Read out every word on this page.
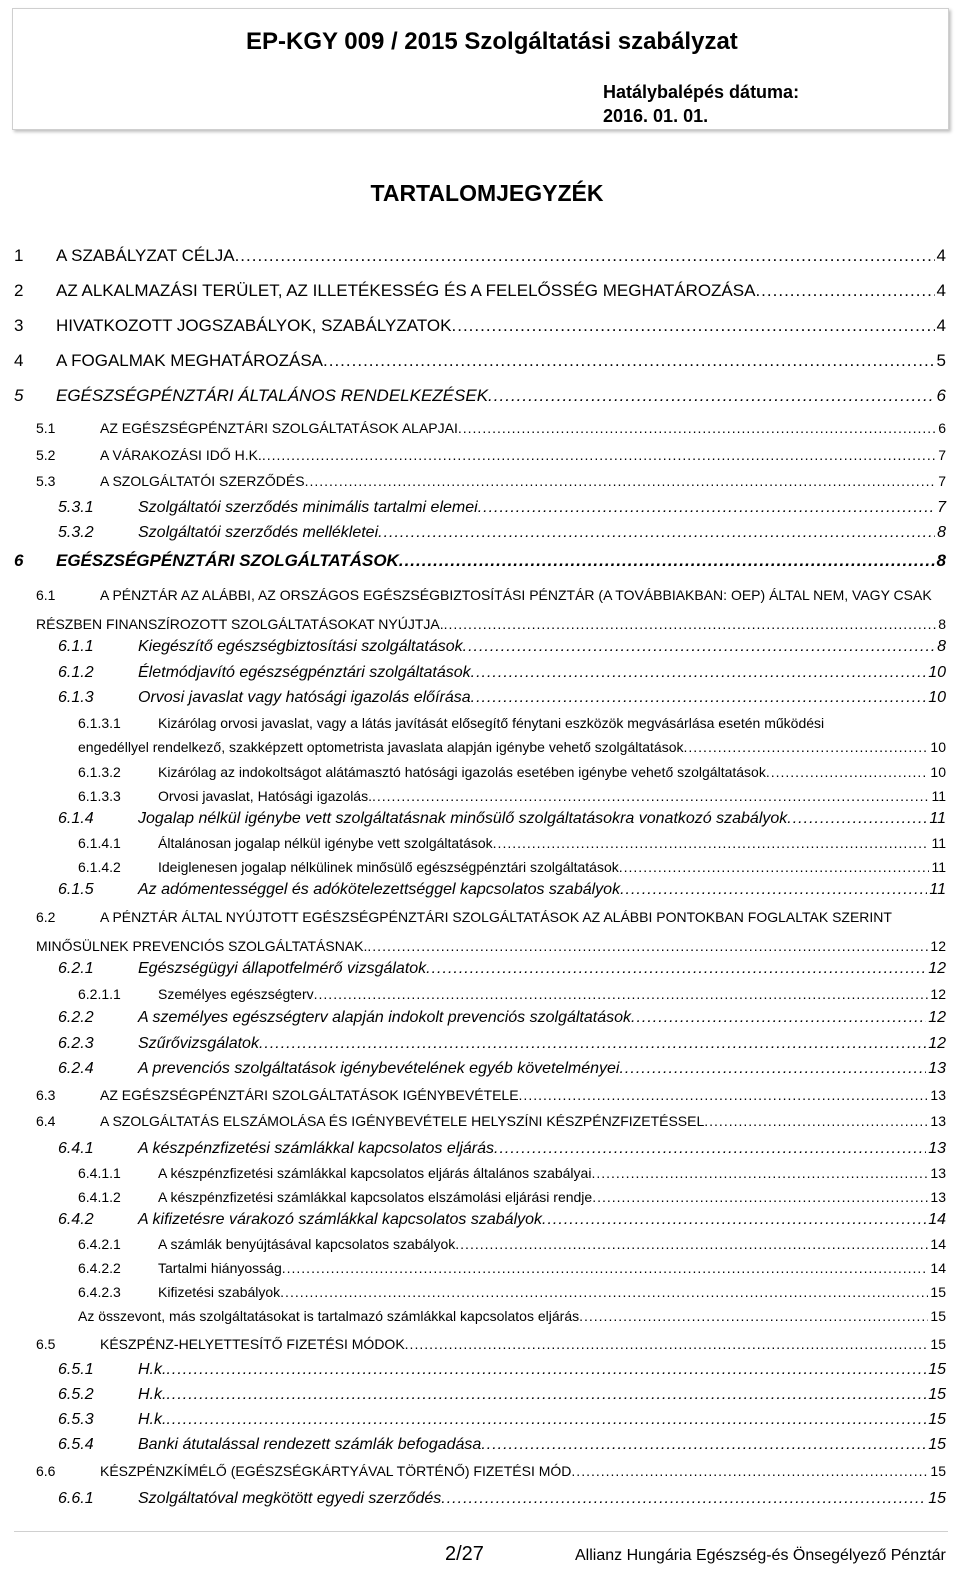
EP-KGY 009 / 2015 Szolgáltatási szabályzat
Hatálybalépés dátuma:
2016. 01. 01.
TARTALOMJEGYZÉK
1 A SZABÁLYZAT CÉLJA .....	4
2 AZ ALKALMAZÁSI TERÜLET, AZ ILLETÉKESSÉG ÉS A FELELŐSSÉG MEGHATÁROZÁSA .....	4
3 HIVATKOZOTT JOGSZABÁLYOK, SZABÁLYZATOK .....	4
4 A FOGALMAK MEGHATÁROZÁSA .....	5
5 EGÉSZSÉGPÉNZTÁRI ÁLTALÁNOS RENDELKEZÉSEK .....	6
5.1	AZ EGÉSZSÉGPÉNZTÁRI SZOLGÁLTATÁSOK ALAPJAI .....	6
5.2	A VÁRAKOZÁSI IDŐ H.K. .....	7
5.3	A SZOLGÁLTATÓI SZERZŐDÉS .....	7
5.3.1	Szolgáltatói szerződés minimális tartalmi elemei .....	7
5.3.2	Szolgáltatói szerződés mellékletei .....	8
6 EGÉSZSÉGPÉNZTÁRI SZOLGÁLTATÁSOK .....	8
6.1	A PÉNZTÁR AZ ALÁBBI, AZ ORSZÁGOS EGÉSZSÉGBIZTOSÍTÁSI PÉNZTÁR (A TOVÁBBIAKBAN: OEP) ÁLTAL NEM, VAGY CSAK
RÉSZBEN FINANSZÍROZOTT SZOLGÁLTATÁSOKAT NYÚJTJA. .....	8
6.1.1	Kiegészítő egészségbiztosítási szolgáltatások .....	8
6.1.2	Életmódjavító egészségpénztári szolgáltatások .....	10
6.1.3	Orvosi javaslat vagy hatósági igazolás előírása .....	10
6.1.3.1	Kizárólag orvosi javaslat, vagy a látás javítását elősegítő fénytani eszközök megvásárlása esetén működési
engedéllyel rendelkező, szakképzett optometrista javaslata alapján igénybe vehető szolgáltatások .....	10
6.1.3.2	Kizárólag az indokoltságot alátámasztó hatósági igazolás esetében igénybe vehető szolgáltatások .....	10
6.1.3.3	Orvosi javaslat, Hatósági igazolás. .....	11
6.1.4	Jogalap nélkül igénybe vett szolgáltatásnak minősülő szolgáltatásokra vonatkozó szabályok .....	11
6.1.4.1	Általánosan jogalap nélkül igénybe vett szolgáltatások .....	11
6.1.4.2	Ideiglenesen jogalap nélkülinek minősülő egészségpénztári szolgáltatások .....	11
6.1.5	Az adómentességgel és adókötelezettséggel kapcsolatos szabályok .....	11
6.2	A PÉNZTÁR ÁLTAL NYÚJTOTT EGÉSZSÉGPÉNZTÁRI SZOLGÁLTATÁSOK AZ ALÁBBI PONTOKBAN FOGLALTAK SZERINT
MINŐSÜLNEK PREVENCIÓS SZOLGÁLTATÁSNAK. .....	12
6.2.1	Egészségügyi állapotfelmérő vizsgálatok .....	12
6.2.1.1	Személyes egészségterv .....	12
6.2.2	A személyes egészségterv alapján indokolt prevenciós szolgáltatások .....	12
6.2.3	Szűrővizsgálatok .....	12
6.2.4	A prevenciós szolgáltatások igénybevételének egyéb követelményei .....	13
6.3	AZ EGÉSZSÉGPÉNZTÁRI SZOLGÁLTATÁSOK IGÉNYBEVÉTELE .....	13
6.4	A SZOLGÁLTATÁS ELSZÁMOLÁSA ÉS IGÉNYBEVÉTELE HELYSZÍNI KÉSZPÉNZFIZETÉSSEL .....	13
6.4.1	A készpénzfizetési számlákkal kapcsolatos eljárás .....	13
6.4.1.1	A készpénzfizetési számlákkal kapcsolatos eljárás általános szabályai .....	13
6.4.1.2	A készpénzfizetési számlákkal kapcsolatos elszámolási eljárási rendje .....	13
6.4.2	A kifizetésre várakozó számlákkal kapcsolatos szabályok .....	14
6.4.2.1	A számlák benyújtásával kapcsolatos szabályok .....	14
6.4.2.2	Tartalmi hiányosság .....	14
6.4.2.3	Kifizetési szabályok .....	15
Az összevont, más szolgáltatásokat is tartalmazó számlákkal kapcsolatos eljárás .....	15
6.5	KÉSZPÉNZ-HELYETTESÍTŐ FIZETÉSI MÓDOK .....	15
6.5.1	H.k. .....	15
6.5.2	H.k. .....	15
6.5.3	H.k. .....	15
6.5.4	Banki átutalással rendezett számlák befogadása .....	15
6.6	KÉSZPÉNZKÍMÉLŐ (EGÉSZSÉGKÁRTYÁVAL TÖRTÉNŐ) FIZETÉSI MÓD .....	15
6.6.1	Szolgáltatóval megkötött egyedi szerződés .....	15
2/27	Allianz Hungária Egészség-és Önsegélyező Pénztár
